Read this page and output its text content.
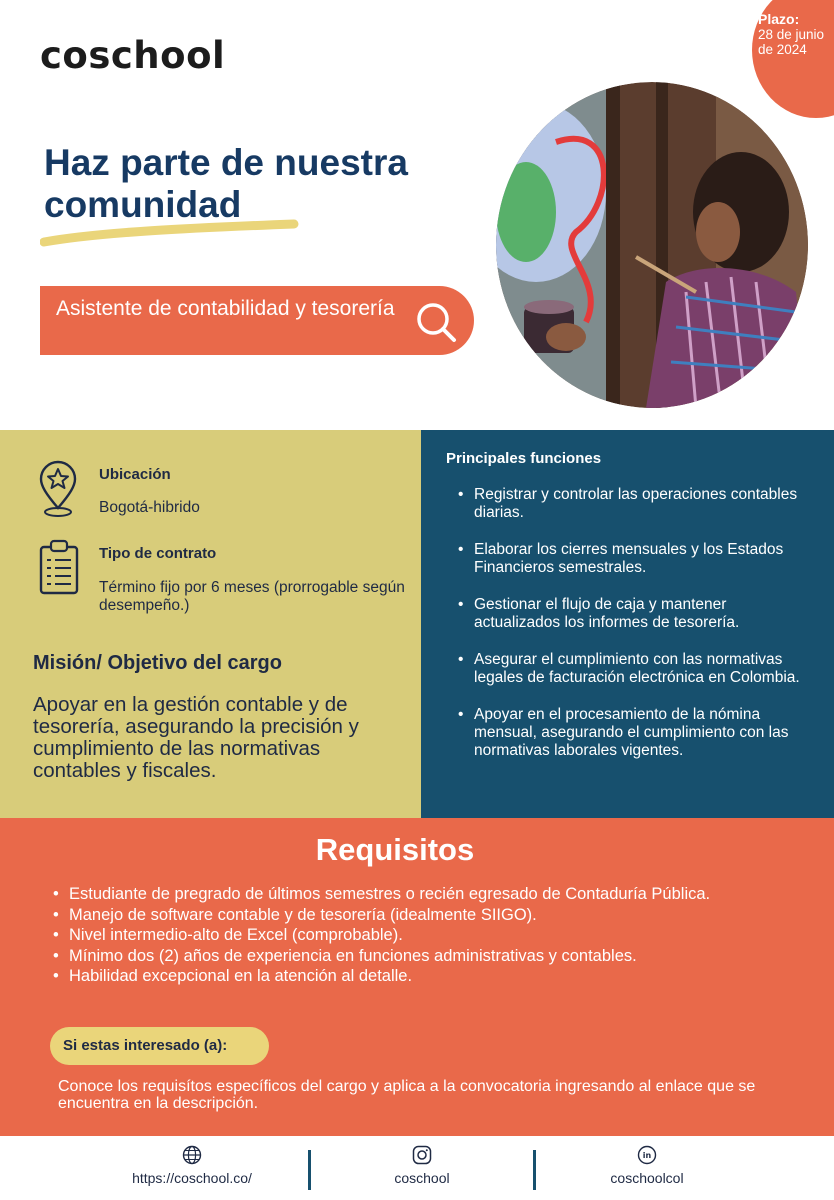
coschool
Plazo:
28 de junio de 2024
Haz parte de nuestra comunidad
Asistente de contabilidad y tesorería
Ubicación
Bogotá-hibrido
Tipo de contrato
Término fijo por 6 meses (prorrogable según desempeño.)
Misión/ Objetivo del cargo
Apoyar en la gestión contable y de tesorería, asegurando la precisión y cumplimiento de las normativas contables y fiscales.
Principales funciones
• Registrar y controlar las operaciones contables diarias.
• Elaborar los cierres mensuales y los Estados Financieros semestrales.
• Gestionar el flujo de caja y mantener actualizados los informes de tesorería.
• Asegurar el cumplimiento con las normativas legales de facturación electrónica en Colombia.
• Apoyar en el procesamiento de la nómina mensual, asegurando el cumplimiento con las normativas laborales vigentes.
Requisitos
• Estudiante de pregrado de últimos semestres o recién egresado de Contaduría Pública.
• Manejo de software contable y de tesorería (idealmente SIIGO).
• Nivel intermedio-alto de Excel (comprobable).
• Mínimo dos (2) años de experiencia en funciones administrativas y contables.
• Habilidad excepcional en la atención al detalle.
Si estas interesado (a):
Conoce los requisítos específicos del cargo y aplica a la convocatoria ingresando al enlace que se encuentra en la descripción.
https://coschool.co/	coschool
in
coschoolcol
